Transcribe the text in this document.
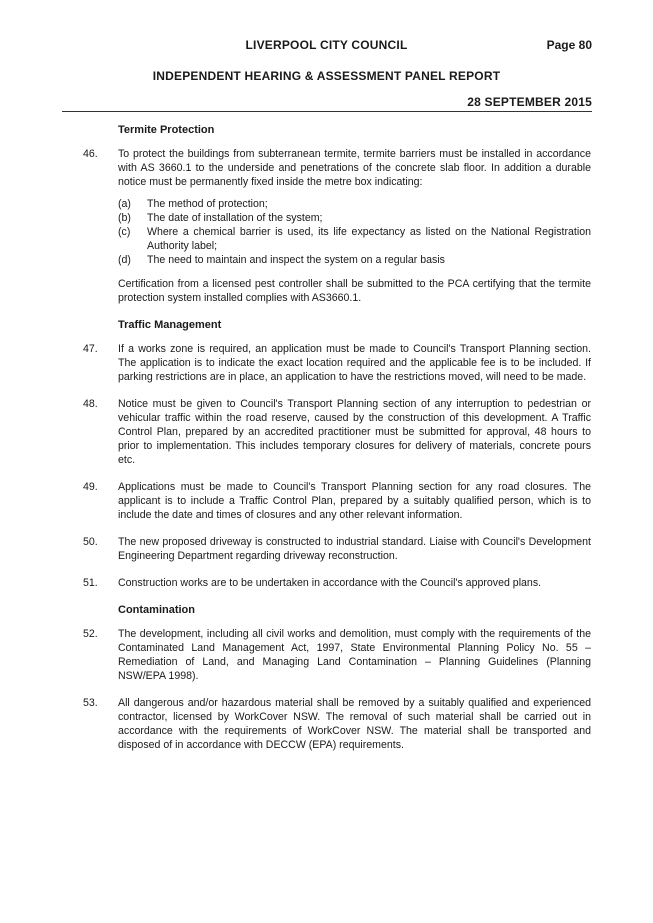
LIVERPOOL CITY COUNCIL	Page 80
INDEPENDENT HEARING & ASSESSMENT PANEL REPORT
28 SEPTEMBER 2015
Termite Protection
46. To protect the buildings from subterranean termite, termite barriers must be installed in accordance with AS 3660.1 to the underside and penetrations of the concrete slab floor. In addition a durable notice must be permanently fixed inside the metre box indicating:
(a) The method of protection;
(b) The date of installation of the system;
(c) Where a chemical barrier is used, its life expectancy as listed on the National Registration Authority label;
(d) The need to maintain and inspect the system on a regular basis
Certification from a licensed pest controller shall be submitted to the PCA certifying that the termite protection system installed complies with AS3660.1.
Traffic Management
47. If a works zone is required, an application must be made to Council's Transport Planning section. The application is to indicate the exact location required and the applicable fee is to be included. If parking restrictions are in place, an application to have the restrictions moved, will need to be made.
48. Notice must be given to Council's Transport Planning section of any interruption to pedestrian or vehicular traffic within the road reserve, caused by the construction of this development. A Traffic Control Plan, prepared by an accredited practitioner must be submitted for approval, 48 hours to prior to implementation. This includes temporary closures for delivery of materials, concrete pours etc.
49. Applications must be made to Council's Transport Planning section for any road closures. The applicant is to include a Traffic Control Plan, prepared by a suitably qualified person, which is to include the date and times of closures and any other relevant information.
50. The new proposed driveway is constructed to industrial standard. Liaise with Council's Development Engineering Department regarding driveway reconstruction.
51. Construction works are to be undertaken in accordance with the Council's approved plans.
Contamination
52. The development, including all civil works and demolition, must comply with the requirements of the Contaminated Land Management Act, 1997, State Environmental Planning Policy No. 55 – Remediation of Land, and Managing Land Contamination – Planning Guidelines (Planning NSW/EPA 1998).
53. All dangerous and/or hazardous material shall be removed by a suitably qualified and experienced contractor, licensed by WorkCover NSW. The removal of such material shall be carried out in accordance with the requirements of WorkCover NSW. The material shall be transported and disposed of in accordance with DECCW (EPA) requirements.
